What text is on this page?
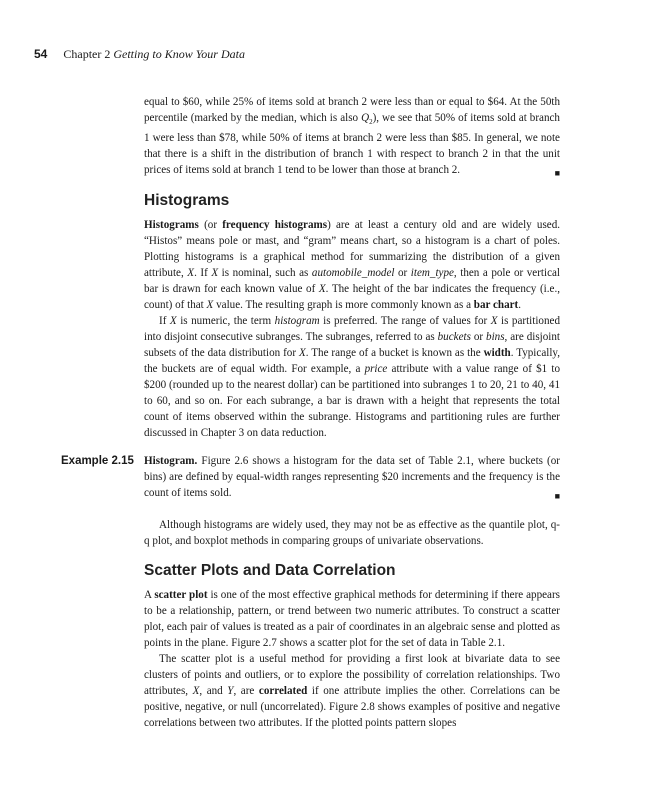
54 Chapter 2 Getting to Know Your Data

equal to $60, while 25% of items sold at branch 2 were less than or equal to $64. At the 50th percentile (marked by the median, which is also $Q_2$), we see that 50% of items sold at branch 1 were less than $78, while 50% of items at branch 2 were less than $85. In general, we note that there is a shift in the distribution of branch 1 with respect to branch 2 in that the unit prices of items sold at branch 1 tend to be lower than those at branch 2.	■

Histograms

Histograms (or frequency histograms) are at least a century old and are widely used. “Histos” means pole or mast, and “gram” means chart, so a histogram is a chart of poles. Plotting histograms is a graphical method for summarizing the distribution of a given attribute, X. If X is nominal, such as automobile_model or item_type, then a pole or vertical bar is drawn for each known value of X. The height of the bar indicates the frequency (i.e., count) of that X value. The resulting graph is more commonly known as a bar chart.

If X is numeric, the term histogram is preferred. The range of values for X is partitioned into disjoint consecutive subranges. The subranges, referred to as buckets or bins, are disjoint subsets of the data distribution for X. The range of a bucket is known as the width. Typically, the buckets are of equal width. For example, a price attribute with a value range of $1 to $200 (rounded up to the nearest dollar) can be partitioned into subranges 1 to 20, 21 to 40, 41 to 60, and so on. For each subrange, a bar is drawn with a height that represents the total count of items observed within the subrange. Histograms and partitioning rules are further discussed in Chapter 3 on data reduction.

Example 2.15 Histogram. Figure 2.6 shows a histogram for the data set of Table 2.1, where buckets (or bins) are defined by equal-width ranges representing $20 increments and the frequency is the count of items sold.	■

Although histograms are widely used, they may not be as effective as the quantile plot, q-q plot, and boxplot methods in comparing groups of univariate observations.

Scatter Plots and Data Correlation

A scatter plot is one of the most effective graphical methods for determining if there appears to be a relationship, pattern, or trend between two numeric attributes. To construct a scatter plot, each pair of values is treated as a pair of coordinates in an algebraic sense and plotted as points in the plane. Figure 2.7 shows a scatter plot for the set of data in Table 2.1.

The scatter plot is a useful method for providing a first look at bivariate data to see clusters of points and outliers, or to explore the possibility of correlation relationships. Two attributes, X, and Y, are correlated if one attribute implies the other. Correlations can be positive, negative, or null (uncorrelated). Figure 2.8 shows examples of positive and negative correlations between two attributes. If the plotted points pattern slopes
